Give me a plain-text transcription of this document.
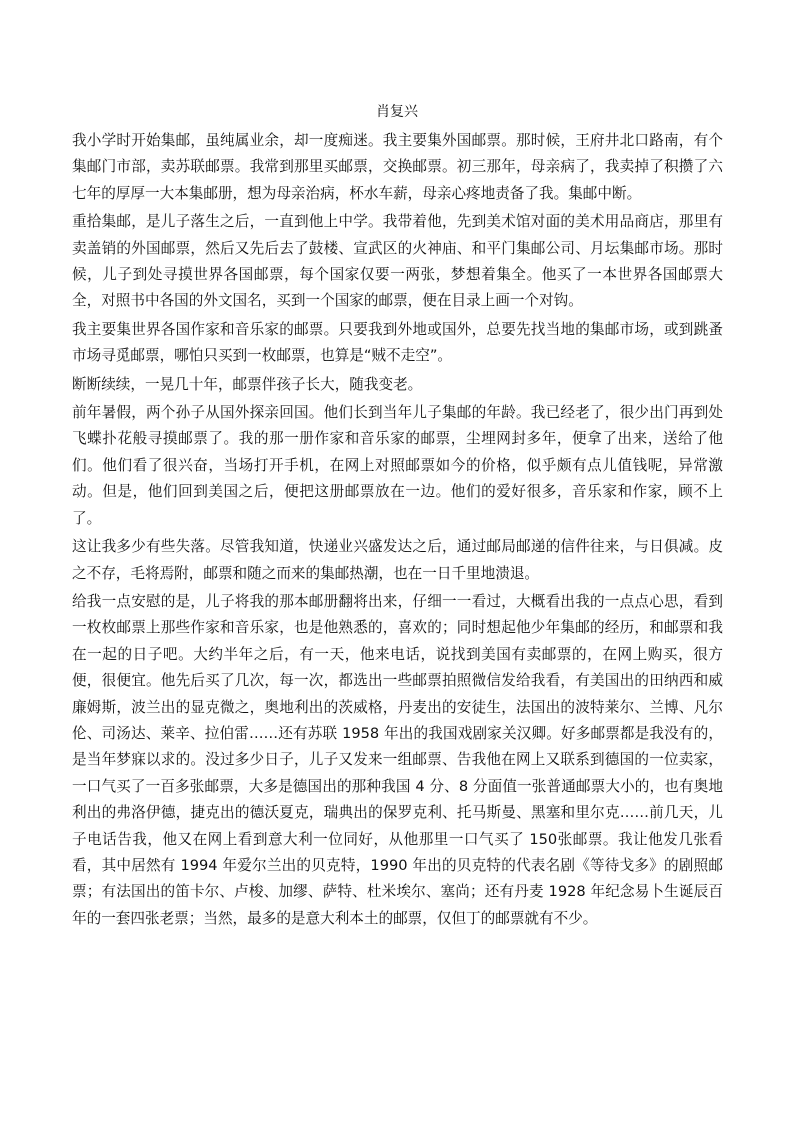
肖复兴

我小学时开始集邮，虽纯属业余，却一度痴迷。我主要集外国邮票。那时候，王府井北口路南，有个集邮门市部，卖苏联邮票。我常到那里买邮票，交换邮票。初三那年，母亲病了，我卖掉了积攒了六七年的厚厚一大本集邮册，想为母亲治病，杯水车薪，母亲心疼地责备了我。集邮中断。

重拾集邮，是儿子落生之后，一直到他上中学。我带着他，先到美术馆对面的美术用品商店，那里有卖盖销的外国邮票，然后又先后去了鼓楼、宣武区的火神庙、和平门集邮公司、月坛集邮市场。那时候，儿子到处寻摸世界各国邮票，每个国家仅要一两张，梦想着集全。他买了一本世界各国邮票大全，对照书中各国的外文国名，买到一个国家的邮票，便在目录上画一个对钩。

我主要集世界各国作家和音乐家的邮票。只要我到外地或国外，总要先找当地的集邮市场，或到跳蚤市场寻觅邮票，哪怕只买到一枚邮票，也算是“贼不走空”。

断断续续，一晃几十年，邮票伴孩子长大，随我变老。

前年暑假，两个孙子从国外探亲回国。他们长到当年儿子集邮的年龄。我已经老了，很少出门再到处飞蝶扑花般寻摸邮票了。我的那一册作家和音乐家的邮票，尘埋网封多年，便拿了出来，送给了他们。他们看了很兴奋，当场打开手机，在网上对照邮票如今的价格，似乎颇有点儿值钱呢，异常激动。但是，他们回到美国之后，便把这册邮票放在一边。他们的爱好很多，音乐家和作家，顾不上了。

这让我多少有些失落。尽管我知道，快递业兴盛发达之后，通过邮局邮递的信件往来，与日俱减。皮之不存，毛将焉附，邮票和随之而来的集邮热潮，也在一日千里地溃退。

给我一点安慰的是，儿子将我的那本邮册翻将出来，仔细一一看过，大概看出我的一点点心思，看到一枚枚邮票上那些作家和音乐家，也是他熟悉的，喜欢的；同时想起他少年集邮的经历，和邮票和我在一起的日子吧。大约半年之后，有一天，他来电话，说找到美国有卖邮票的，在网上购买，很方便，很便宜。他先后买了几次，每一次，都选出一些邮票拍照微信发给我看，有美国出的田纳西和威廉姆斯，波兰出的显克微之，奥地利出的茨威格，丹麦出的安徒生，法国出的波特莱尔、兰博、凡尔伦、司汤达、莱辛、拉伯雷……还有苏联 1958 年出的我国戏剧家关汉卿。好多邮票都是我没有的，是当年梦寐以求的。没过多少日子，儿子又发来一组邮票、告我他在网上又联系到德国的一位卖家，一口气买了一百多张邮票，大多是德国出的那种我国 4 分、8 分面值一张普通邮票大小的，也有奥地利出的弗洛伊德，捷克出的德沃夏克，瑞典出的保罗克利、托马斯曼、黑塞和里尔克……前几天，儿子电话告我，他又在网上看到意大利一位同好，从他那里一口气买了 150张邮票。我让他发几张看看，其中居然有 1994 年爱尔兰出的贝克特，1990 年出的贝克特的代表名剧《等待戈多》的剧照邮票；有法国出的笛卡尔、卢梭、加缪、萨特、杜米埃尔、塞尚；还有丹麦 1928 年纪念易卜生诞辰百年的一套四张老票；当然，最多的是意大利本土的邮票，仅但丁的邮票就有不少。
